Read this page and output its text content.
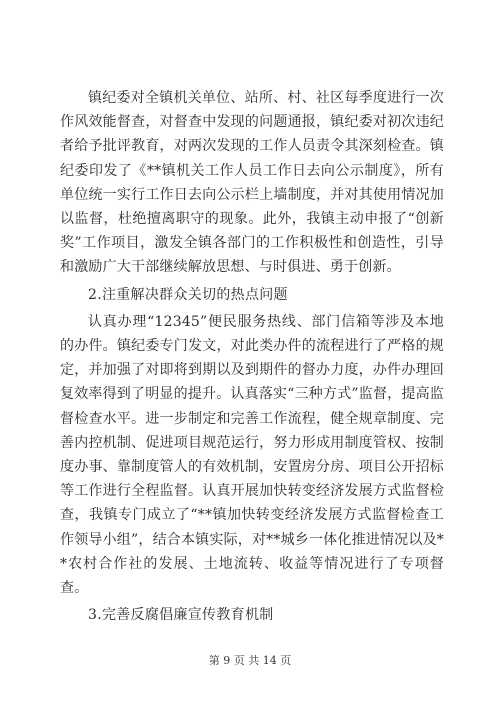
镇纪委对全镇机关单位、站所、村、社区每季度进行一次作风效能督查，对督查中发现的问题通报，镇纪委对初次违纪者给予批评教育，对两次发现的工作人员责令其深刻检查。镇纪委印发了《**镇机关工作人员工作日去向公示制度》，所有单位统一实行工作日去向公示栏上墙制度，并对其使用情况加以监督，杜绝擅离职守的现象。此外，我镇主动申报了“创新奖”工作项目，激发全镇各部门的工作积极性和创造性，引导和激励广大干部继续解放思想、与时俱进、勇于创新。

2.注重解决群众关切的热点问题

认真办理“12345”便民服务热线、部门信箱等涉及本地的办件。镇纪委专门发文，对此类办件的流程进行了严格的规定，并加强了对即将到期以及到期件的督办力度，办件办理回复效率得到了明显的提升。认真落实“三种方式”监督，提高监督检查水平。进一步制定和完善工作流程，健全规章制度、完善内控机制、促进项目规范运行，努力形成用制度管权、按制度办事、靠制度管人的有效机制，安置房分房、项目公开招标等工作进行全程监督。认真开展加快转变经济发展方式监督检查，我镇专门成立了“**镇加快转变经济发展方式监督检查工作领导小组”，结合本镇实际，对**城乡一体化推进情况以及**农村合作社的发展、土地流转、收益等情况进行了专项督查。

3.完善反腐倡廉宣传教育机制

第 9 页 共 14 页
